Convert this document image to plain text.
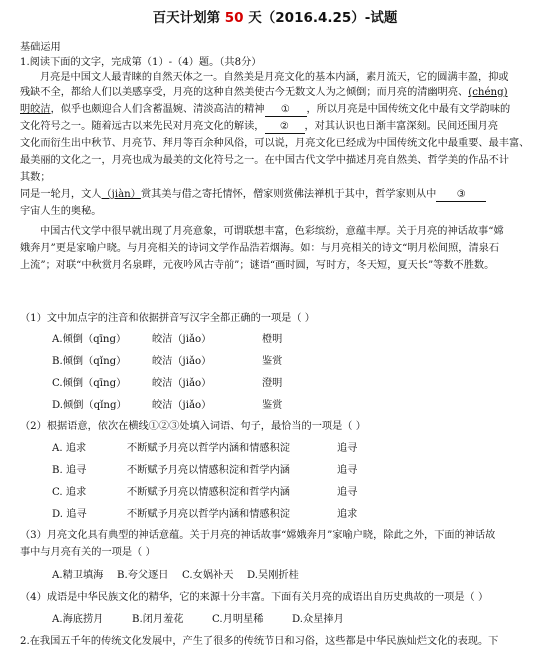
百天计划第 50 天（2016.4.25）-试题
基础运用
1.阅读下面的文字，完成第（1）-（4）题。（共8分）
月亮是中国文人最青睐的自然天体之一。自然美是月亮文化的基本内涵，素月流天，它的圆满丰盈，抑或
残缺不全，都给人们以美感享受，月亮的这种自然美使古今无数文人为之倾倒；而月亮的清幽明亮、(chéng)
明皎洁，似乎也颇迎合人们含蓄温婉、清淡高洁的精神 ① ，所以月亮是中国传统文化中最有文学韵味的
文化符号之一。随着远古以来先民对月亮文化的解读， ② ，对其认识也日渐丰富深刻。民间还围月亮
文化而衍生出中秋节、月亮节、拜月等百余种风俗，可以说，月亮文化已经成为中国传统文化中最重要、最丰富、
最美丽的文化之一，月亮也成为最美的文化符号之一。在中国古代文学中描述月亮自然美、哲学美的作品不计
其数；
同是一轮月，文人（jiàn）赏其美与借之寄托情怀，僧家则赏佛法禅机于其中，哲学家则从中 ③
宇宙人生的奥秘。
中国古代文学中很早就出现了月亮意象，可谓联想丰富，色彩缤纷，意蕴丰厚。关于月亮的神话故事“嫦
娥奔月”更是家喻户晓。与月亮相关的诗词文学作品浩若烟海。如：与月亮相关的诗文“明月松间照，清泉石
上流”；对联“中秋赏月名泉畔，元夜吟风古寺前”；谜语“画时圆，写时方，冬天短，夏天长”等数不胜数。
（1）文中加点字的注音和依据拼音写汉字全都正确的一项是（ ）
A.倾倒（qīng）	皎洁（jiǎo）	橙明
B.倾倒（qǐng）	皎洁（jiǎo）	鉴赏
C.倾倒（qīng）	皎洁（jiǎo）	澄明
D.倾倒（qǐng） 皎洁（jiǎo）	鉴赏
（2）根据语意，依次在横线①②③处填入词语、句子，最恰当的一项是（ ）
A. 追求	不断赋予月亮以哲学内涵和情感积淀	追寻
B. 追寻	不断赋予月亮以情感积淀和哲学内涵	追寻
C. 追求	不断赋予月亮以情感积淀和哲学内涵	追寻
D. 追寻	不断赋予月亮以哲学内涵和情感积淀	追求
（3）月亮文化具有典型的神话意蕴。关于月亮的神话故事“嫦娥奔月”家喻户晓，除此之外，下面的神话故
事中与月亮有关的一项是（ ）
A.精卫填海 B.夸父逐日 C.女娲补天 D.吴刚折桂
（4）成语是中华民族文化的精华，它的来源十分丰富。下面有关月亮的成语出自历史典故的一项是（ ）
A.海底捞月	B.闭月羞花	C.月明星稀	D.众星捧月
2.在我国五千年的传统文化发展中，产生了很多的传统节日和习俗，这些都是中华民族灿烂文化的表现。下
